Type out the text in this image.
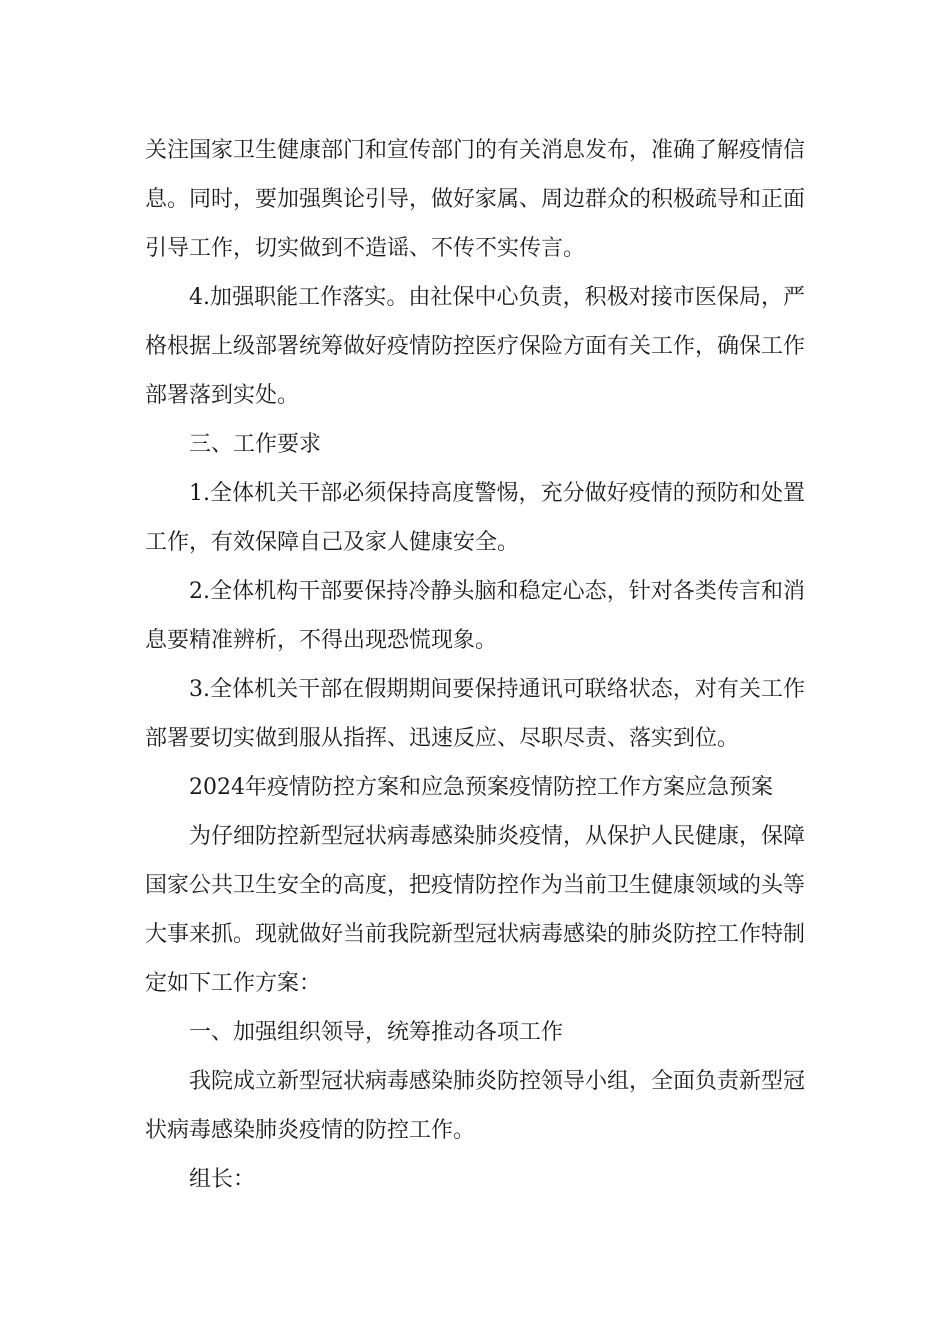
关注国家卫生健康部门和宣传部门的有关消息发布，准确了解疫情信息。同时，要加强舆论引导，做好家属、周边群众的积极疏导和正面引导工作，切实做到不造谣、不传不实传言。

4.加强职能工作落实。由社保中心负责，积极对接市医保局，严格根据上级部署统筹做好疫情防控医疗保险方面有关工作，确保工作部署落到实处。

三、工作要求

1.全体机关干部必须保持高度警惕，充分做好疫情的预防和处置工作，有效保障自己及家人健康安全。

2.全体机构干部要保持冷静头脑和稳定心态，针对各类传言和消息要精准辨析，不得出现恐慌现象。

3.全体机关干部在假期期间要保持通讯可联络状态，对有关工作部署要切实做到服从指挥、迅速反应、尽职尽责、落实到位。

2024年疫情防控方案和应急预案疫情防控工作方案应急预案

为仔细防控新型冠状病毒感染肺炎疫情，从保护人民健康，保障国家公共卫生安全的高度，把疫情防控作为当前卫生健康领域的头等大事来抓。现就做好当前我院新型冠状病毒感染的肺炎防控工作特制定如下工作方案：

一、加强组织领导，统筹推动各项工作

我院成立新型冠状病毒感染肺炎防控领导小组，全面负责新型冠状病毒感染肺炎疫情的防控工作。

组长：
